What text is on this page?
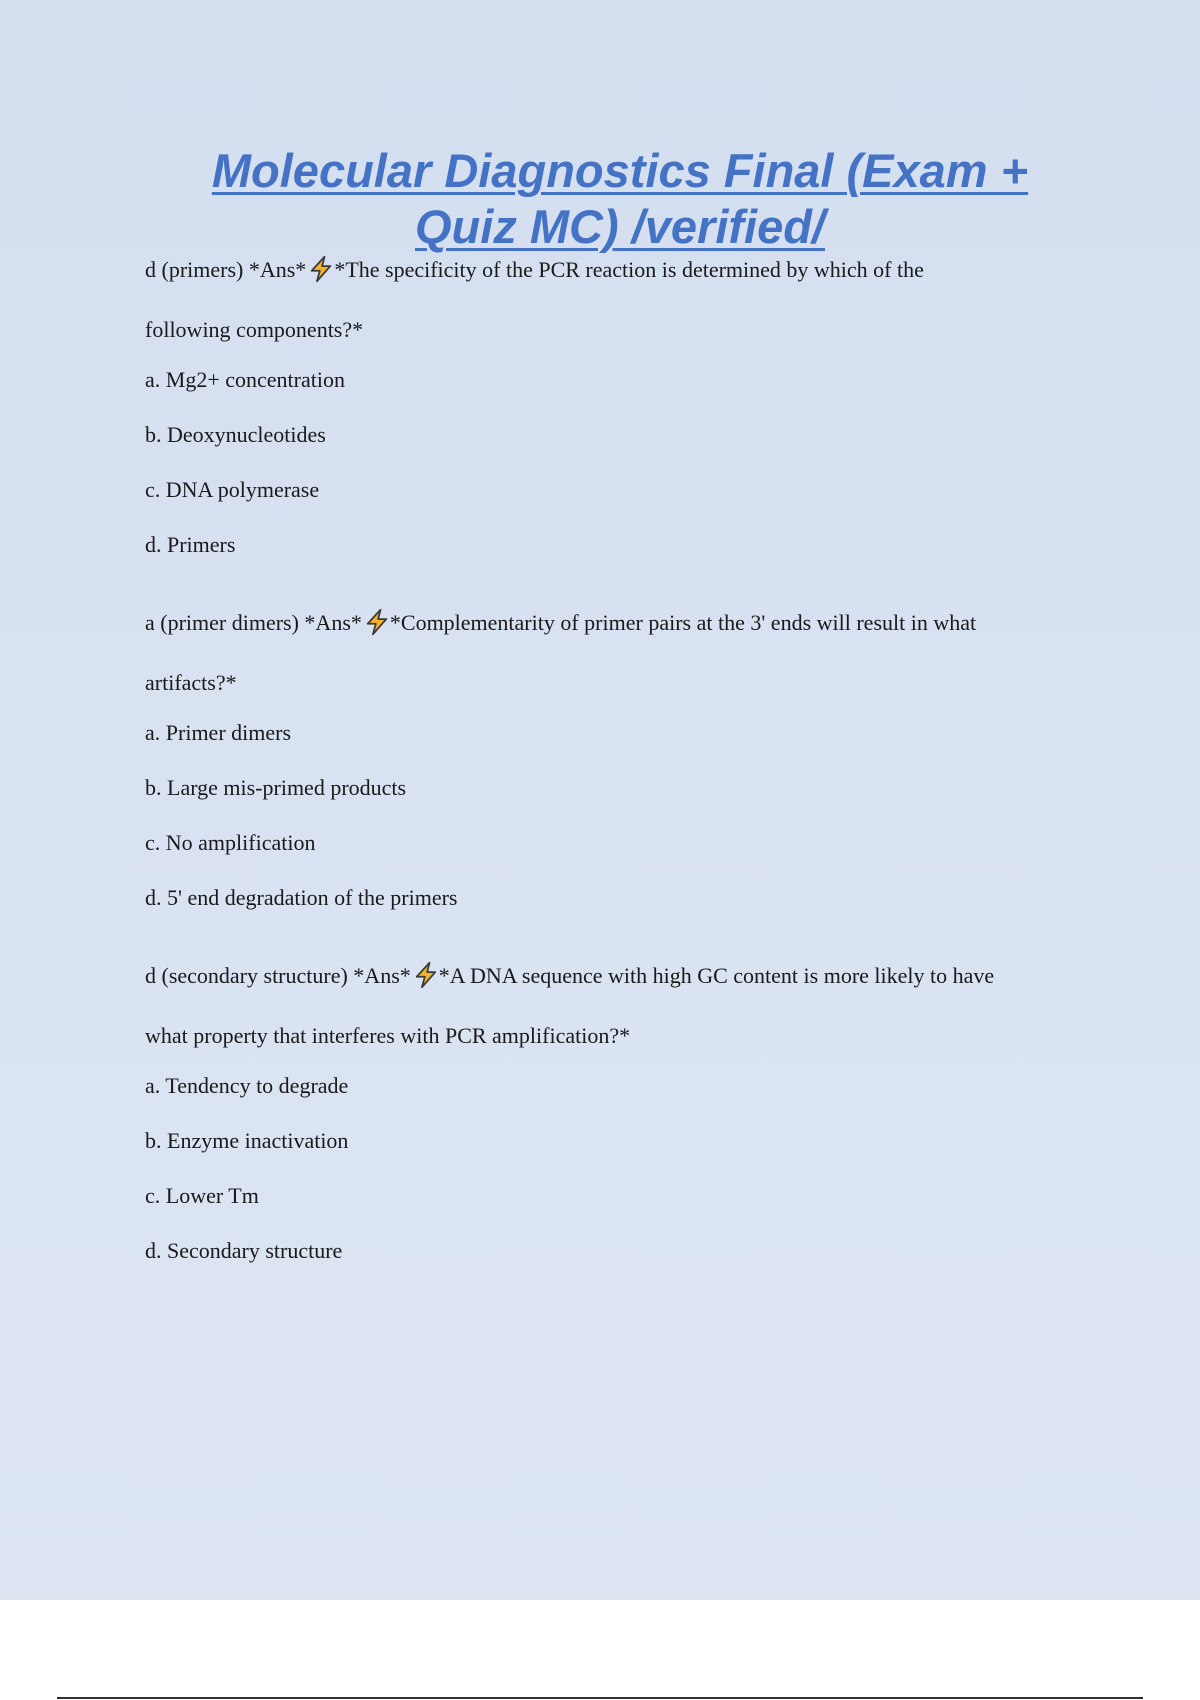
Molecular Diagnostics Final (Exam +
Quiz MC) /verified/
d (primers) *Ans* *The specificity of the PCR reaction is determined by which of the
following components?*
a. Mg2+ concentration
b. Deoxynucleotides
c. DNA polymerase
d. Primers
a (primer dimers) *Ans* *Complementarity of primer pairs at the 3' ends will result in what
artifacts?*
a. Primer dimers
b. Large mis-primed products
c. No amplification
d. 5' end degradation of the primers
d (secondary structure) *Ans* *A DNA sequence with high GC content is more likely to have
what property that interferes with PCR amplification?*
a. Tendency to degrade
b. Enzyme inactivation
c. Lower Tm
d. Secondary structure
